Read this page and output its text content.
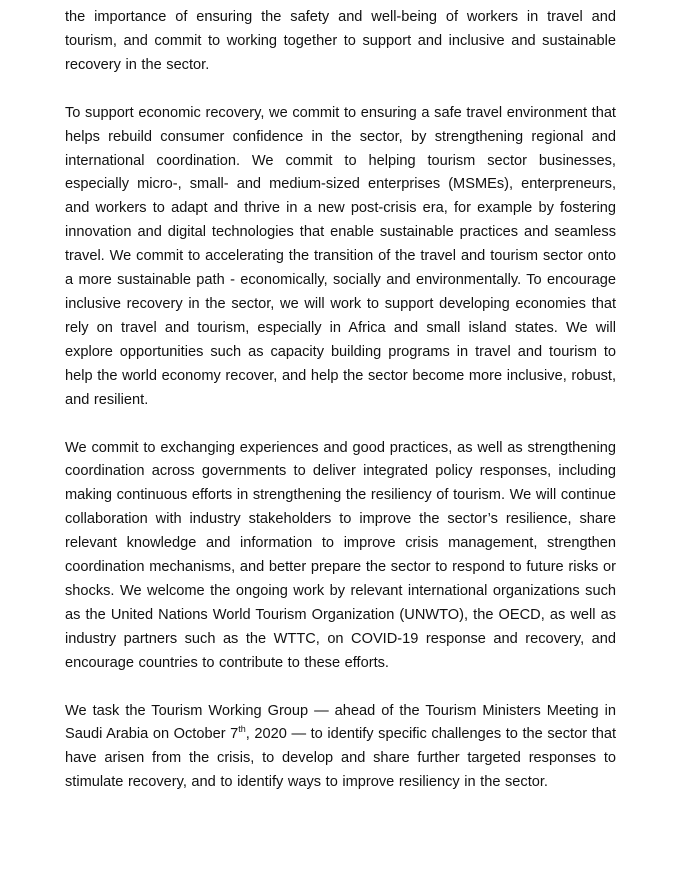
the importance of ensuring the safety and well-being of workers in travel and tourism, and commit to working together to support and inclusive and sustainable recovery in the sector.

To support economic recovery, we commit to ensuring a safe travel environment that helps rebuild consumer confidence in the sector, by strengthening regional and international coordination. We commit to helping tourism sector businesses, especially micro-, small- and medium-sized enterprises (MSMEs), enterpreneurs, and workers to adapt and thrive in a new post-crisis era, for example by fostering innovation and digital technologies that enable sustainable practices and seamless travel. We commit to accelerating the transition of the travel and tourism sector onto a more sustainable path - economically, socially and environmentally. To encourage inclusive recovery in the sector, we will work to support developing economies that rely on travel and tourism, especially in Africa and small island states. We will explore opportunities such as capacity building programs in travel and tourism to help the world economy recover, and help the sector become more inclusive, robust, and resilient.

We commit to exchanging experiences and good practices, as well as strengthening coordination across governments to deliver integrated policy responses, including making continuous efforts in strengthening the resiliency of tourism. We will continue collaboration with industry stakeholders to improve the sector’s resilience, share relevant knowledge and information to improve crisis management, strengthen coordination mechanisms, and better prepare the sector to respond to future risks or shocks. We welcome the ongoing work by relevant international organizations such as the United Nations World Tourism Organization (UNWTO), the OECD, as well as industry partners such as the WTTC, on COVID-19 response and recovery, and encourage countries to contribute to these efforts.

We task the Tourism Working Group — ahead of the Tourism Ministers Meeting in Saudi Arabia on October 7th, 2020 — to identify specific challenges to the sector that have arisen from the crisis, to develop and share further targeted responses to stimulate recovery, and to identify ways to improve resiliency in the sector.
